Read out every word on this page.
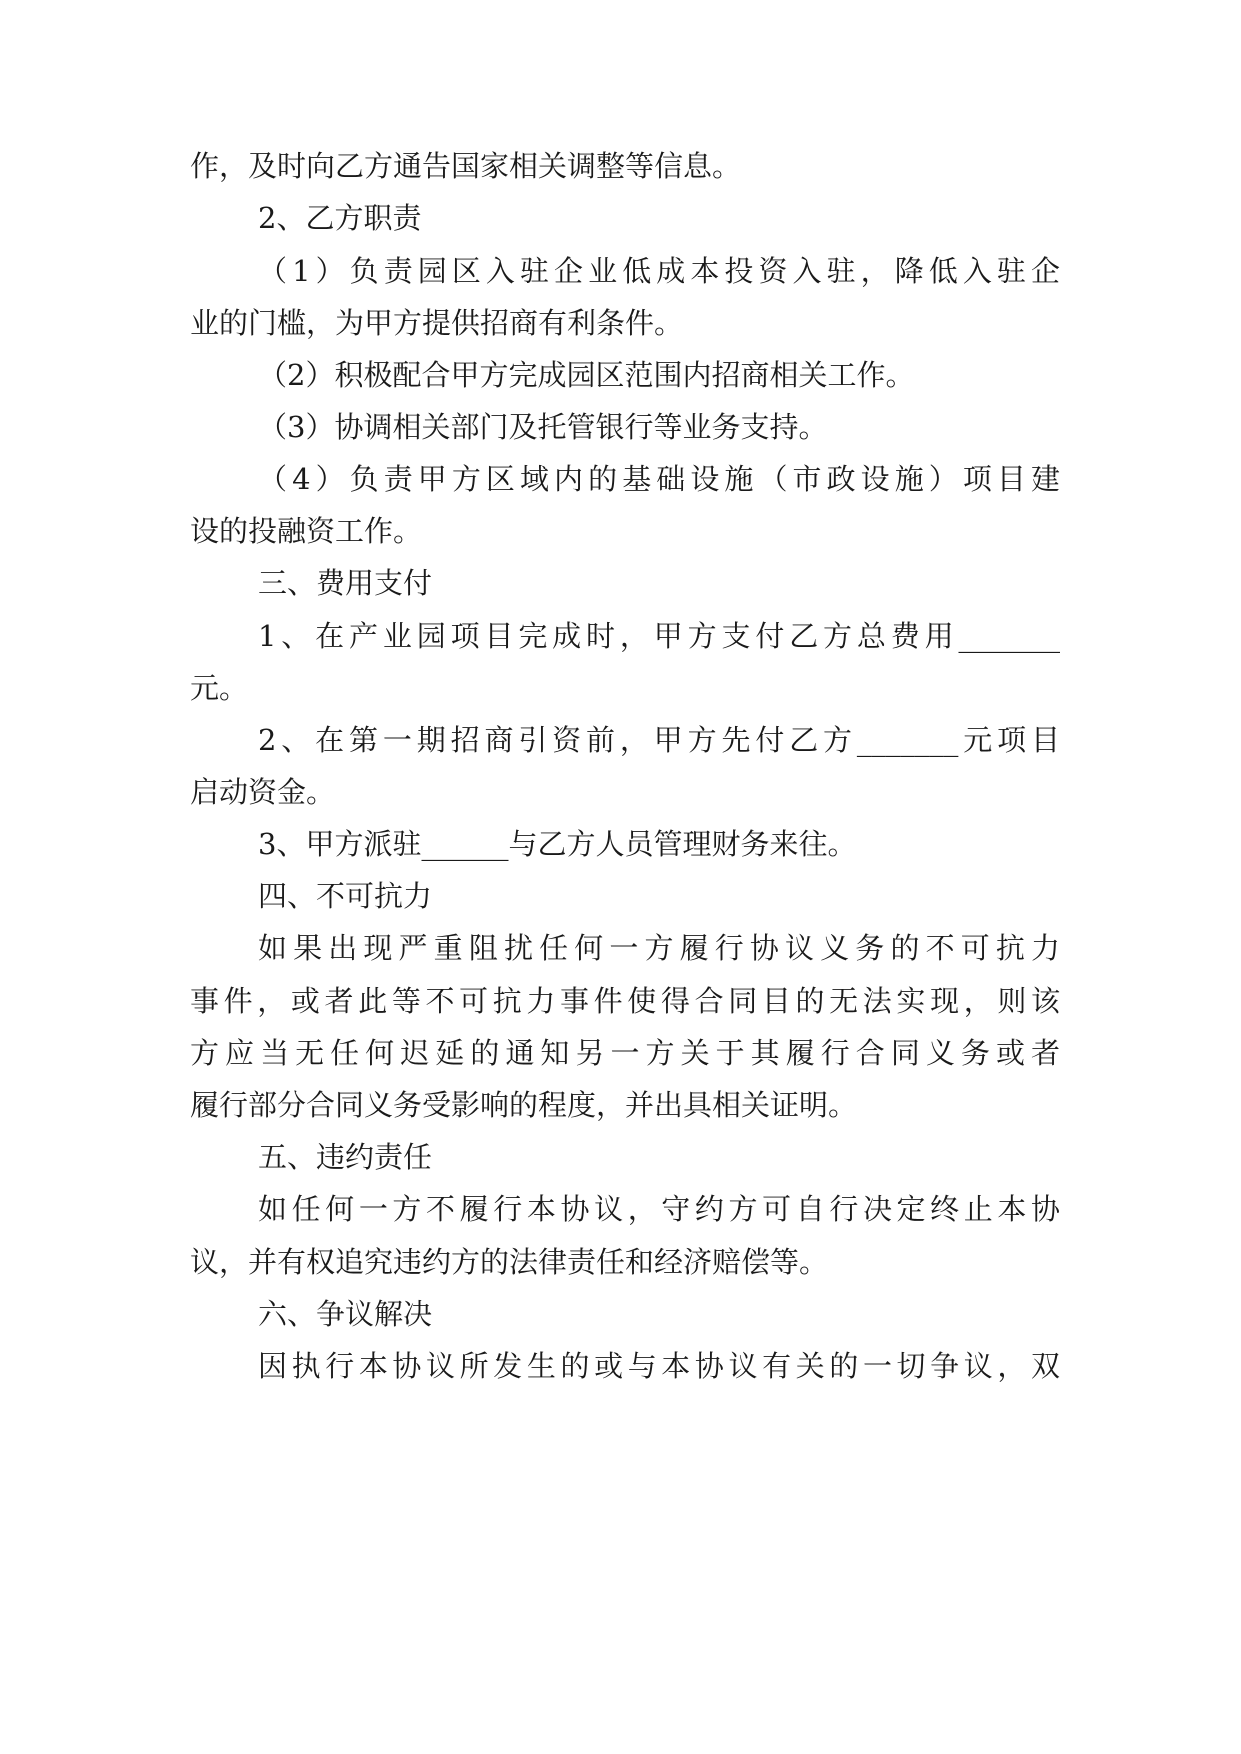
作，及时向乙方通告国家相关调整等信息。
2、乙方职责
（1）负责园区入驻企业低成本投资入驻，降低入驻企
业的门槛，为甲方提供招商有利条件。
（2）积极配合甲方完成园区范围内招商相关工作。
（3）协调相关部门及托管银行等业务支持。
（4）负责甲方区域内的基础设施（市政设施）项目建
设的投融资工作。
三、费用支付
1、在产业园项目完成时，甲方支付乙方总费用_______
元。
2、在第一期招商引资前，甲方先付乙方_______元项目
启动资金。
3、甲方派驻______与乙方人员管理财务来往。
四、不可抗力
如果出现严重阻扰任何一方履行协议义务的不可抗力
事件，或者此等不可抗力事件使得合同目的无法实现，则该
方应当无任何迟延的通知另一方关于其履行合同义务或者
履行部分合同义务受影响的程度，并出具相关证明。
五、违约责任
如任何一方不履行本协议，守约方可自行决定终止本协
议，并有权追究违约方的法律责任和经济赔偿等。
六、争议解决
因执行本协议所发生的或与本协议有关的一切争议，双
